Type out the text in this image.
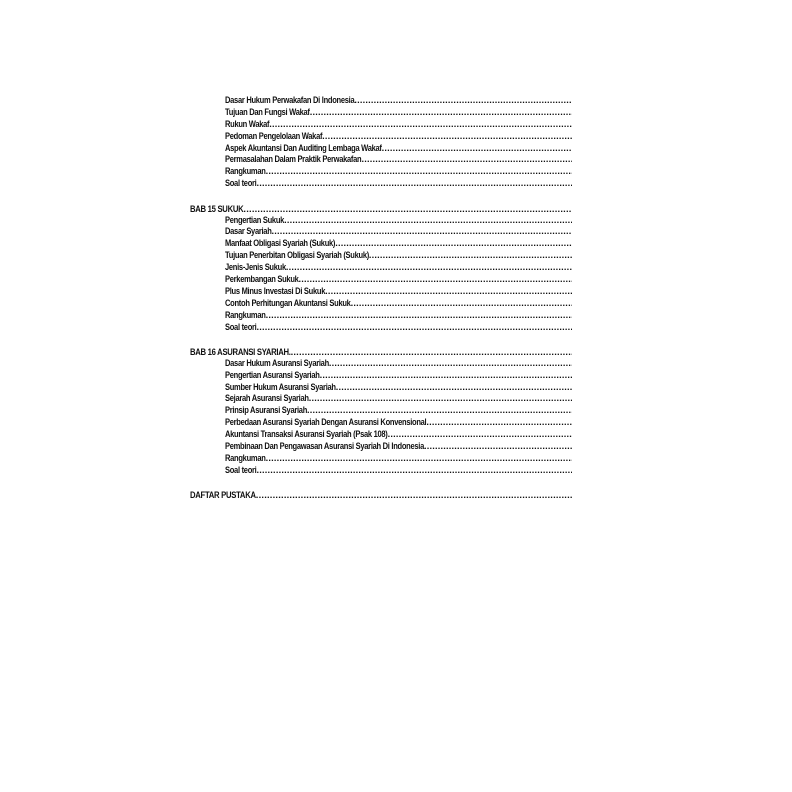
Dasar Hukum Perwakafan Di Indonesia
.....
Tujuan Dan Fungsi Wakaf
.....
Rukun Wakaf
.....
Pedoman Pengelolaan Wakaf
.....
Aspek Akuntansi Dan Auditing Lembaga Wakaf
.....
Permasalahan Dalam Praktik Perwakafan
.....
Rangkuman
.....
Soal teori
.....
BAB 15 SUKUK
.....
Pengertian Sukuk
.....
Dasar Syariah
.....
Manfaat Obligasi Syariah (Sukuk)
.....
Tujuan Penerbitan Obligasi Syariah (Sukuk)
.....
Jenis-Jenis Sukuk
.....
Perkembangan Sukuk
.....
Plus Minus Investasi Di Sukuk
.....
Contoh Perhitungan Akuntansi Sukuk
.....
Rangkuman
.....
Soal teori
.....
BAB 16 ASURANSI SYARIAH.
.....
Dasar Hukum Asuransi Syariah
.....
Pengertian Asuransi Syariah
.....
Sumber Hukum Asuransi Syariah
.....
Sejarah Asuransi Syariah
.....
Prinsip Asuransi Syariah
.....
Perbedaan Asuransi Syariah Dengan Asuransi Konvensional
.....
Akuntansi Transaksi Asuransi Syariah (Psak 108)
.....
Pembinaan Dan Pengawasan Asuransi Syariah Di Indonesia
.....
Rangkuman
.....
Soal teori
.....
DAFTAR PUSTAKA
.....
